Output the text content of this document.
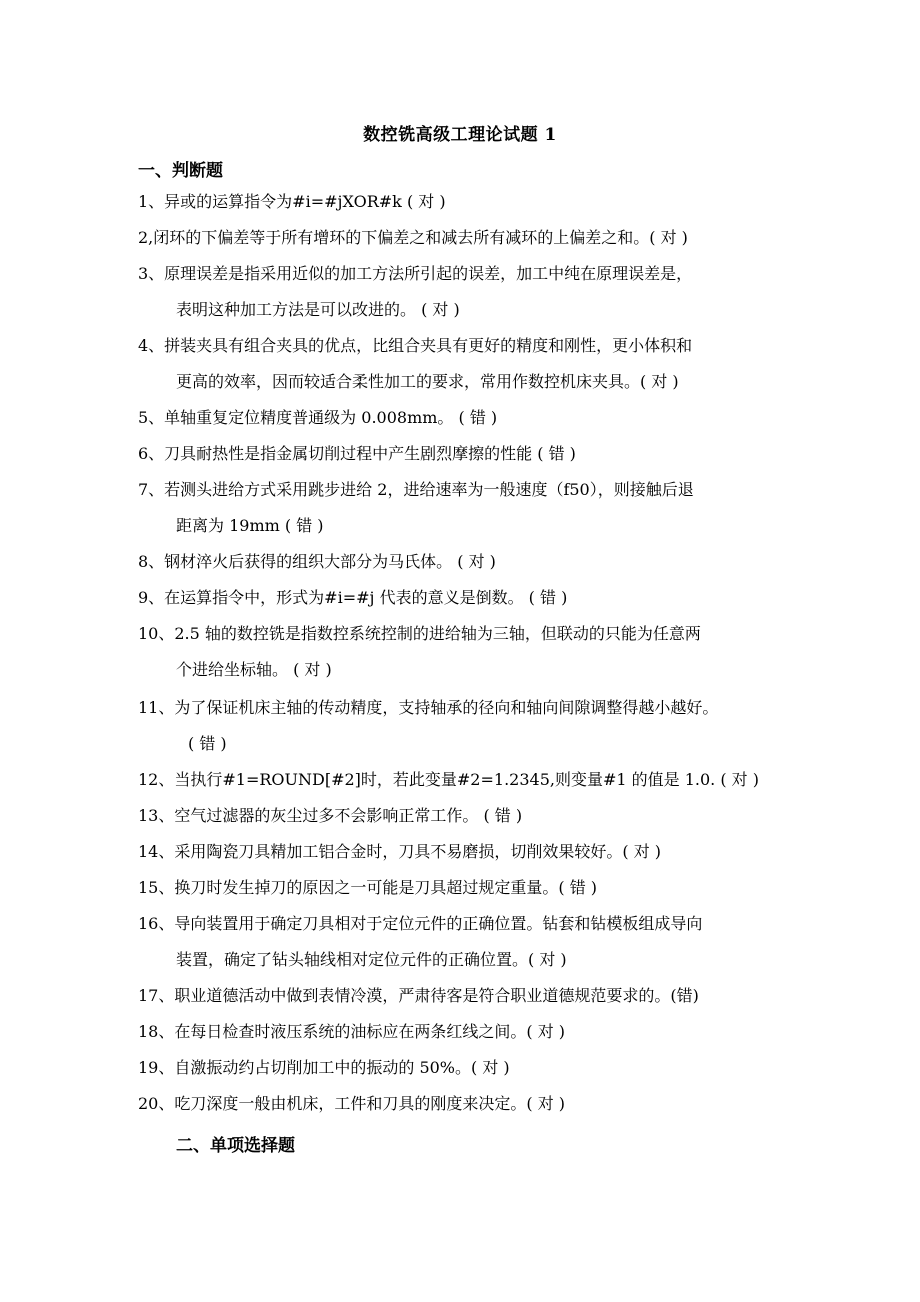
数控铣高级工理论试题 1
一、判断题
1、异或的运算指令为#i=#jXOR#k ( 对 )
2,闭环的下偏差等于所有增环的下偏差之和减去所有减环的上偏差之和。( 对 )
3、原理误差是指采用近似的加工方法所引起的误差，加工中纯在原理误差是，
表明这种加工方法是可以改进的。 ( 对 )
4、拼装夹具有组合夹具的优点，比组合夹具有更好的精度和刚性，更小体积和
更高的效率，因而较适合柔性加工的要求，常用作数控机床夹具。( 对 )
5、单轴重复定位精度普通级为 0.008mm。 ( 错 )
6、刀具耐热性是指金属切削过程中产生剧烈摩擦的性能 ( 错 )
7、若测头进给方式采用跳步进给 2，进给速率为一般速度（f50），则接触后退
距离为 19mm ( 错 )
8、钢材淬火后获得的组织大部分为马氏体。 ( 对 )
9、在运算指令中，形式为#i=#j 代表的意义是倒数。 ( 错 )
10、2.5 轴的数控铣是指数控系统控制的进给轴为三轴，但联动的只能为任意两
个进给坐标轴。 ( 对 )
11、为了保证机床主轴的传动精度，支持轴承的径向和轴向间隙调整得越小越好。
( 错 )
12、当执行#1=ROUND[#2]时，若此变量#2=1.2345,则变量#1 的值是 1.0. ( 对 )
13、空气过滤器的灰尘过多不会影响正常工作。 ( 错 )
14、采用陶瓷刀具精加工铝合金时，刀具不易磨损，切削效果较好。( 对 )
15、换刀时发生掉刀的原因之一可能是刀具超过规定重量。( 错 )
16、导向装置用于确定刀具相对于定位元件的正确位置。钻套和钻模板组成导向
装置，确定了钻头轴线相对定位元件的正确位置。( 对 )
17、职业道德活动中做到表情冷漠，严肃待客是符合职业道德规范要求的。(错)
18、在每日检查时液压系统的油标应在两条红线之间。( 对 )
19、自激振动约占切削加工中的振动的 50%。( 对 )
20、吃刀深度一般由机床，工件和刀具的刚度来决定。( 对 )
二、单项选择题
